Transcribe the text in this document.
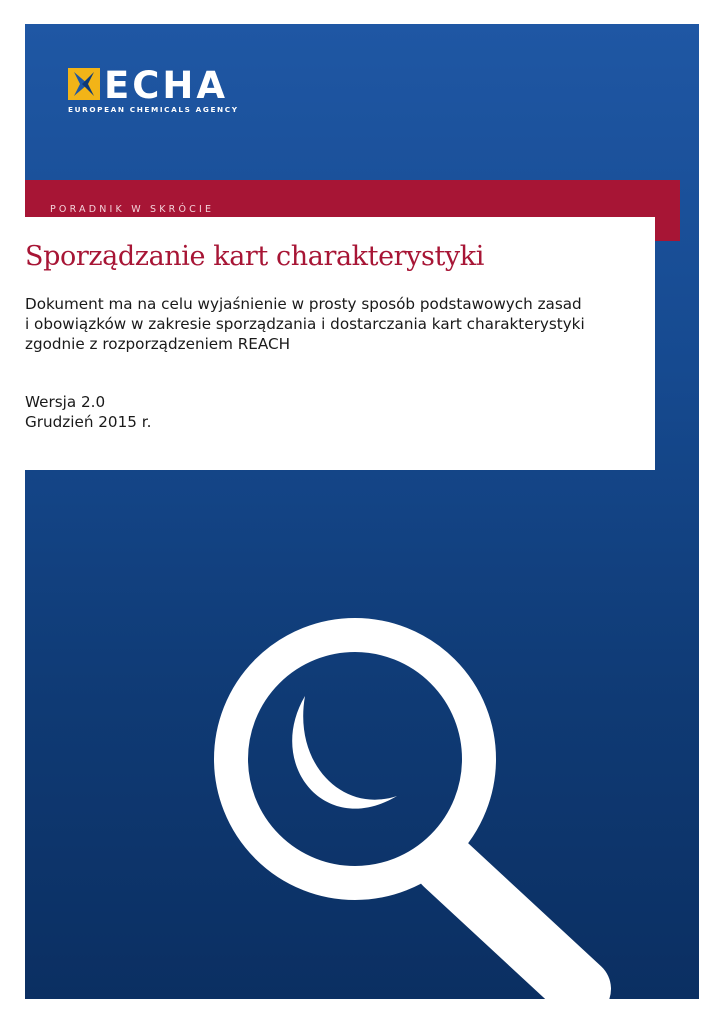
ECHA
EUROPEAN CHEMICALS AGENCY
PORADNIK W SKRÓCIE
Sporządzanie kart charakterystyki

Dokument ma na celu wyjaśnienie w prosty sposób podstawowych zasad
i obowiązków w zakresie sporządzania i dostarczania kart charakterystyki
zgodnie z rozporządzeniem REACH

Wersja 2.0
Grudzień 2015 r.
